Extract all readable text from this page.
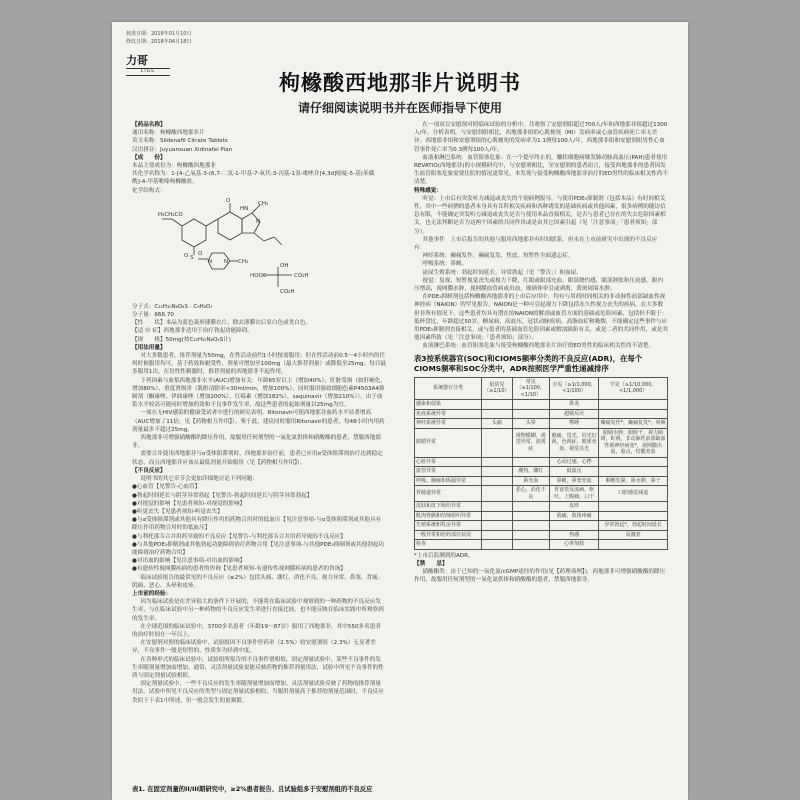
核准日期：2018年01月10日
修改日期：2018年04月18日
力哥
LIGE	枸橼酸西地那非片说明书
请仔细阅读说明书并在医师指导下使用

【药品名称】

通用名称：枸橼酸西地那非片

英文名称：Sildenafil Citrate Tablets

汉语拼音：Juyuansuan Xidinafei Pian

【成　　份】

本品主要成份为：枸橼酸西地那非

其化学名称为：1-[4-乙氧基-3-(6,7-二氢-1-甲基-7-氧代-3-丙基-1氢-吡唑并[4,3d]嘧啶-5-基)苯磺酰]-4-甲基哌嗪枸橼酸盐。

化学结构式：

H₃CH₂CO
O
HN
CH₃
N
S
O O
N N CH₃
HOOC
OH
CO₂H
CO₂H

分子式：C₂₂H₃₀N₆O₄S · C₆H₈O₇

分子量：666.70

【性　　状】本品为蓝色菱形薄膜衣片，除去薄膜衣后显白色或类白色。

【适 应 症】西地那非适用于治疗勃起功能障碍。

【规　　格】50mg(按C₂₂H₃₀N₆O₄S计)

【用法用量】

对大多数患者，推荐剂量为50mg，在性活动前约1小时按需服用；但在性活动前0.5～4小时内的任何时候服用均可。基于药效和耐受性，剂量可增加至100mg（最大推荐剂量）或降低至25mg。每日最多服用1次。在役性性刺激时，推荐剂量的西地那非不起作用。

下列因素与血浆西地那非水平(AUC)增加有关：年龄65岁以上（增加40%），肝脏受损（如肝硬化，增加80%），重度肾损害（肌酐清除率<30ml/min，增加100%），同时服用强效细胞色素P4503A4抑制剂（酮康唑、伊曲康唑（增加200%），红霉素（增加182%），saquinavir（增加210%））。由于血浆水平较高可能同时增加药效和不良事件发生率，故这些患者的起始剂量以25mg为宜。

一项在无HIV感染的健康受试者中进行的研究表明，Ritonavir可使西地那非血药水平显著增高（AUC增加了11倍，见【药物相互作用】）。鉴于此，建议同时服用Ritonavir的患者，每48小时内用药剂量最多不超过25mg。

西地那非可增强硝酸酯的降压作用，故服用任何剂型的一氧化氮供体和硝酸酯的患者，禁服西地那非。

需要合并使用西地那非与α受体阻滞剂时，西地那非治疗前，患者已应用α受体阻滞剂治疗达到稳定状态，而且西地那非应该从最低剂量开始服用（见【药物相互作用】）。

【不良反应】

说明书的其它章节会更加详细地讨论下列问题：

●心血管【见警告-心血管】

●勃起时间延长与阴茎异常勃起【见警告-勃起时间延长与阴茎异常勃起】

●对视觉的影响【见患者须知-对视觉的影响】

●听觉丧失【见患者须知-听觉丧失】

●与α受体阻滞剂或其他具有降压作用的药物合用时的低血压【见注意事项-与α受体阻滞剂或其他具有降压作用药物合用时的低血压】

●与利托那韦合并用药导致的不良反应【见警告-与利托那韦合并用药导致的不良反应】

●与其他PDE₅抑制剂或其他勃起功能障碍治疗药物合用【见注意事项-与其他PDE₅抑制剂或其他勃起功能障碍治疗药物合用】

●对出血的影响【见注意事项-对出血的影响】

●有遗传性视网膜疾病的患者的咨询【见患者须知-有遗传性视网膜疾病的患者的咨询】

临床试验报告的最常见的不良反应（≥2%）包括头痛、潮红、消化不良、视力异常、鼻塞、背痛、肌痛、恶心、头晕和皮疹。

上市前的经验：

因为临床试验是在差异很大的条件下开展的，不能将在临床试验中观察到的一种药物的不良反应发生率，与在临床试验中另一种药物的不良反应发生率进行直接比较，也不能反映在临床实践中所观察到的发生率。

在全球范围的临床试验中，3700多名患者（年龄19～87岁）服用了西地那非，其中550多名患者的治疗时间在一年以上。

在安慰剂对照的临床试验中，试验组因不良事件停药率（2.5%）较安慰剂组（2.3%）无显著差异，不良事件一般是短暂的，性质多为轻到中度。

在各种形式的临床试验中，试验组所报告的不良事件谱相似，固定剂量试验中，某些不良事件的发生率随剂量增加而增加。通常，灵活剂量试验更能反映药物的推荐剂量用法，试验中所见不良事件的性质与固定剂量试验相似。

固定剂量试验中，一些不良反应的发生率随剂量增加而增加。灵活剂量试验反映了药物的推荐剂量用法，试验中所见不良反应的类型与固定剂量试验相似。当服用剂量高于推荐的剂量范围时，不良反应类似于下表1中所述，但一般会发生的更频繁。

表1. 在固定剂量的II/III期研究中，≥2%患者报告、且试验组多于安慰剂组的不良反应

在一项双盲安慰剂对照临床试验的分析中，共观察了安慰剂组超过700人/年和西地那非组超过1300人/年，分析表明，与安慰剂组相比，西地那非组的心肌梗死（MI）发病率或心血管疾病死亡率无差异。西地那非组和安慰剂组的心肌梗死的发病率为1.1例每100人/年，西地那非组和安慰剂组男性心血管事件死亡率为0.3例每100人/年。

血液和淋巴系统：血管阻塞危象：在一个提早终止的，镰状细胞病继发肺动脉高血压(PAH)患者使用REVATIO(西地那非)的小规模研究中，与安慰剂相比，至安慰剂的患者而言，接受西地那非的患者因发生血管阻塞危象需要住院的情况更常见，本发现与接受枸橼酸西地那非治疗的ED男性的临床相关性尚不清楚。

特殊感觉：

听觉：上市后有突发听力减退或丧失的个别病例报导，与使用PDE₅抑制剂（包括本品）有时间相关性，其中一些病例的患者本身具有耳科相关疾病和各种诱发的基础疾病或其他因素，很多病例的随访信息有限，不能确定突发听力减退或丧失是否与使用本品直接相关，是否与患者已存在的失去危险因素相关，也无法判断是否为这两个因素的共同作用或是由其它因素引起（见「注意事项」「患者须知」部分）。

其他事件　上市后报告的其他与服用西地那非有时间联系，但未在上市前研究中出现的不良反应有：

神经系统：癫痫发作，癫痫复发，焦虑，短暂性全面遗忘症。

呼吸系统：鼻衄。

泌尿生殖系统：勃起时间延长，异常勃起（见「警告」）和血尿。

视觉：复视，短暂视觉丧失或视力下降，红眼或眼部充血，眼部烧灼感，眼部肿胀和压迫感，眼内压增高，视网膜水肿，视网膜血管病或出血，玻璃体牵引或剥离，黄斑周围水肿。

在PDE₅抑制剂包括枸橼酸西地那非的上市后应用中，均有与用药时间相关的非动脉性前部缺血性视神经病（NAION）的罕见报告，NAION是一种可引起视力下降包括永久性视力丧失的疾病，在大多数但非所有情况下，这些患者均具有潜在的NAION的解剖或血管方面的基础或危险因素，包括但不限于：低杯盘比，年龄超过50岁，糖尿病，高血压，冠状动脉疾病，高脂血症和吸烟，不能确定这些事件与应用PDE₅抑制剂直接相关，或与患者的基础血管危险因素或解剖缺陷有关，或是二者的共同作用，或是其他因素所致（见「注意事项」「患者须知」部分）。

血液淋巴系统：血管阻塞危象与接受枸橼酸西地那非片治疗的ED男性的临床相关性尚不清楚。

表3按系统器官(SOC)和CIOMS频率分类的不良反应(ADR)，在每个CIOMS频率和SOC分类中，ADR按照医学严重性递减排序
系统器官分类	很常见（≥1/10）	常见（≥1/100，<1/10）	少见（≥1/1,000，<1/100）	罕见（≥1/10,000，<1/1,000）
感染和侵染			鼻炎	
免疫系统异常			超敏反应	
神经系统异常	头痛	头晕	嗜睡	癫痫发作*，癫痫复发*，晕厥
眼睛异常		视物模糊，视觉异常，蓝视症	眼痛，畏光，闪光幻视，色视症，眼球充血，视觉亮光	眼睛水肿，眼睑干，视力障碍，虹视，非动脉性前部缺血性视神经病变*，视网膜出血，暗点，结膜充血
心脏异常			心动过速，心悸	
血管异常		潮热，潮红	低血压	
呼吸、胸廓和纵隔异常		鼻充血	鼻衄，鼻窦充血	咽喉发紧，鼻水肿，鼻干
胃肠道异常		恶心，消化不良	胃食管反流病，呕吐，上腹痛，口干	口腔感觉减退
皮肤和皮下组织异常			皮疹	
肌肉骨骼和结缔组织异常			肌痛，肢体疼痛	
生殖系统和乳房异常				异常勃起*，勃起时间延长
一般异常和给药部位状况			热感	易激惹
检查			心率加快	

*上市后监测到的ADR。

【禁　　忌】

硝酸酯类：由于已知的一氧化氮/cGMP途径的作用(见【药理毒理】)，西地那非可增强硝酸酯的降压作用，故服用任何剂型的一氧化氮供体和硝酸酯的患者，禁服西地那非。
